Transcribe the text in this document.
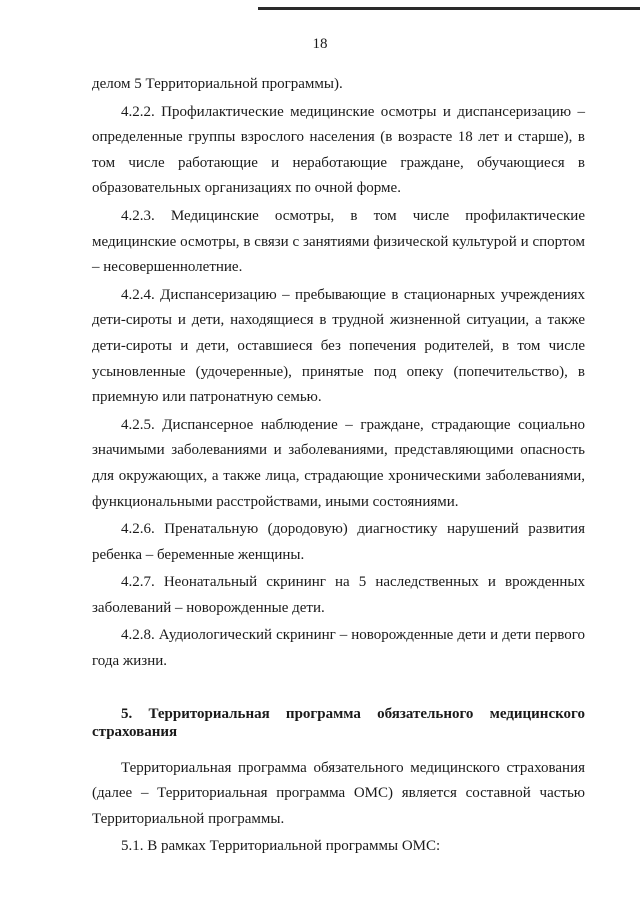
18

делом 5 Территориальной программы).

4.2.2. Профилактические медицинские осмотры и диспансеризацию – определенные группы взрослого населения (в возрасте 18 лет и старше), в том числе работающие и неработающие граждане, обучающиеся в образовательных организациях по очной форме.

4.2.3. Медицинские осмотры, в том числе профилактические медицинские осмотры, в связи с занятиями физической культурой и спортом – несовершеннолетние.

4.2.4. Диспансеризацию – пребывающие в стационарных учреждениях дети-сироты и дети, находящиеся в трудной жизненной ситуации, а также дети-сироты и дети, оставшиеся без попечения родителей, в том числе усыновленные (удочеренные), принятые под опеку (попечительство), в приемную или патронатную семью.

4.2.5. Диспансерное наблюдение – граждане, страдающие социально значимыми заболеваниями и заболеваниями, представляющими опасность для окружающих, а также лица, страдающие хроническими заболеваниями, функциональными расстройствами, иными состояниями.

4.2.6. Пренатальную (дородовую) диагностику нарушений развития ребенка – беременные женщины.

4.2.7. Неонатальный скрининг на 5 наследственных и врожденных заболеваний – новорожденные дети.

4.2.8. Аудиологический скрининг – новорожденные дети и дети первого года жизни.

5. Территориальная программа обязательного медицинского страхования

Территориальная программа обязательного медицинского страхования (далее – Территориальная программа ОМС) является составной частью Территориальной программы.

5.1. В рамках Территориальной программы ОМС:
